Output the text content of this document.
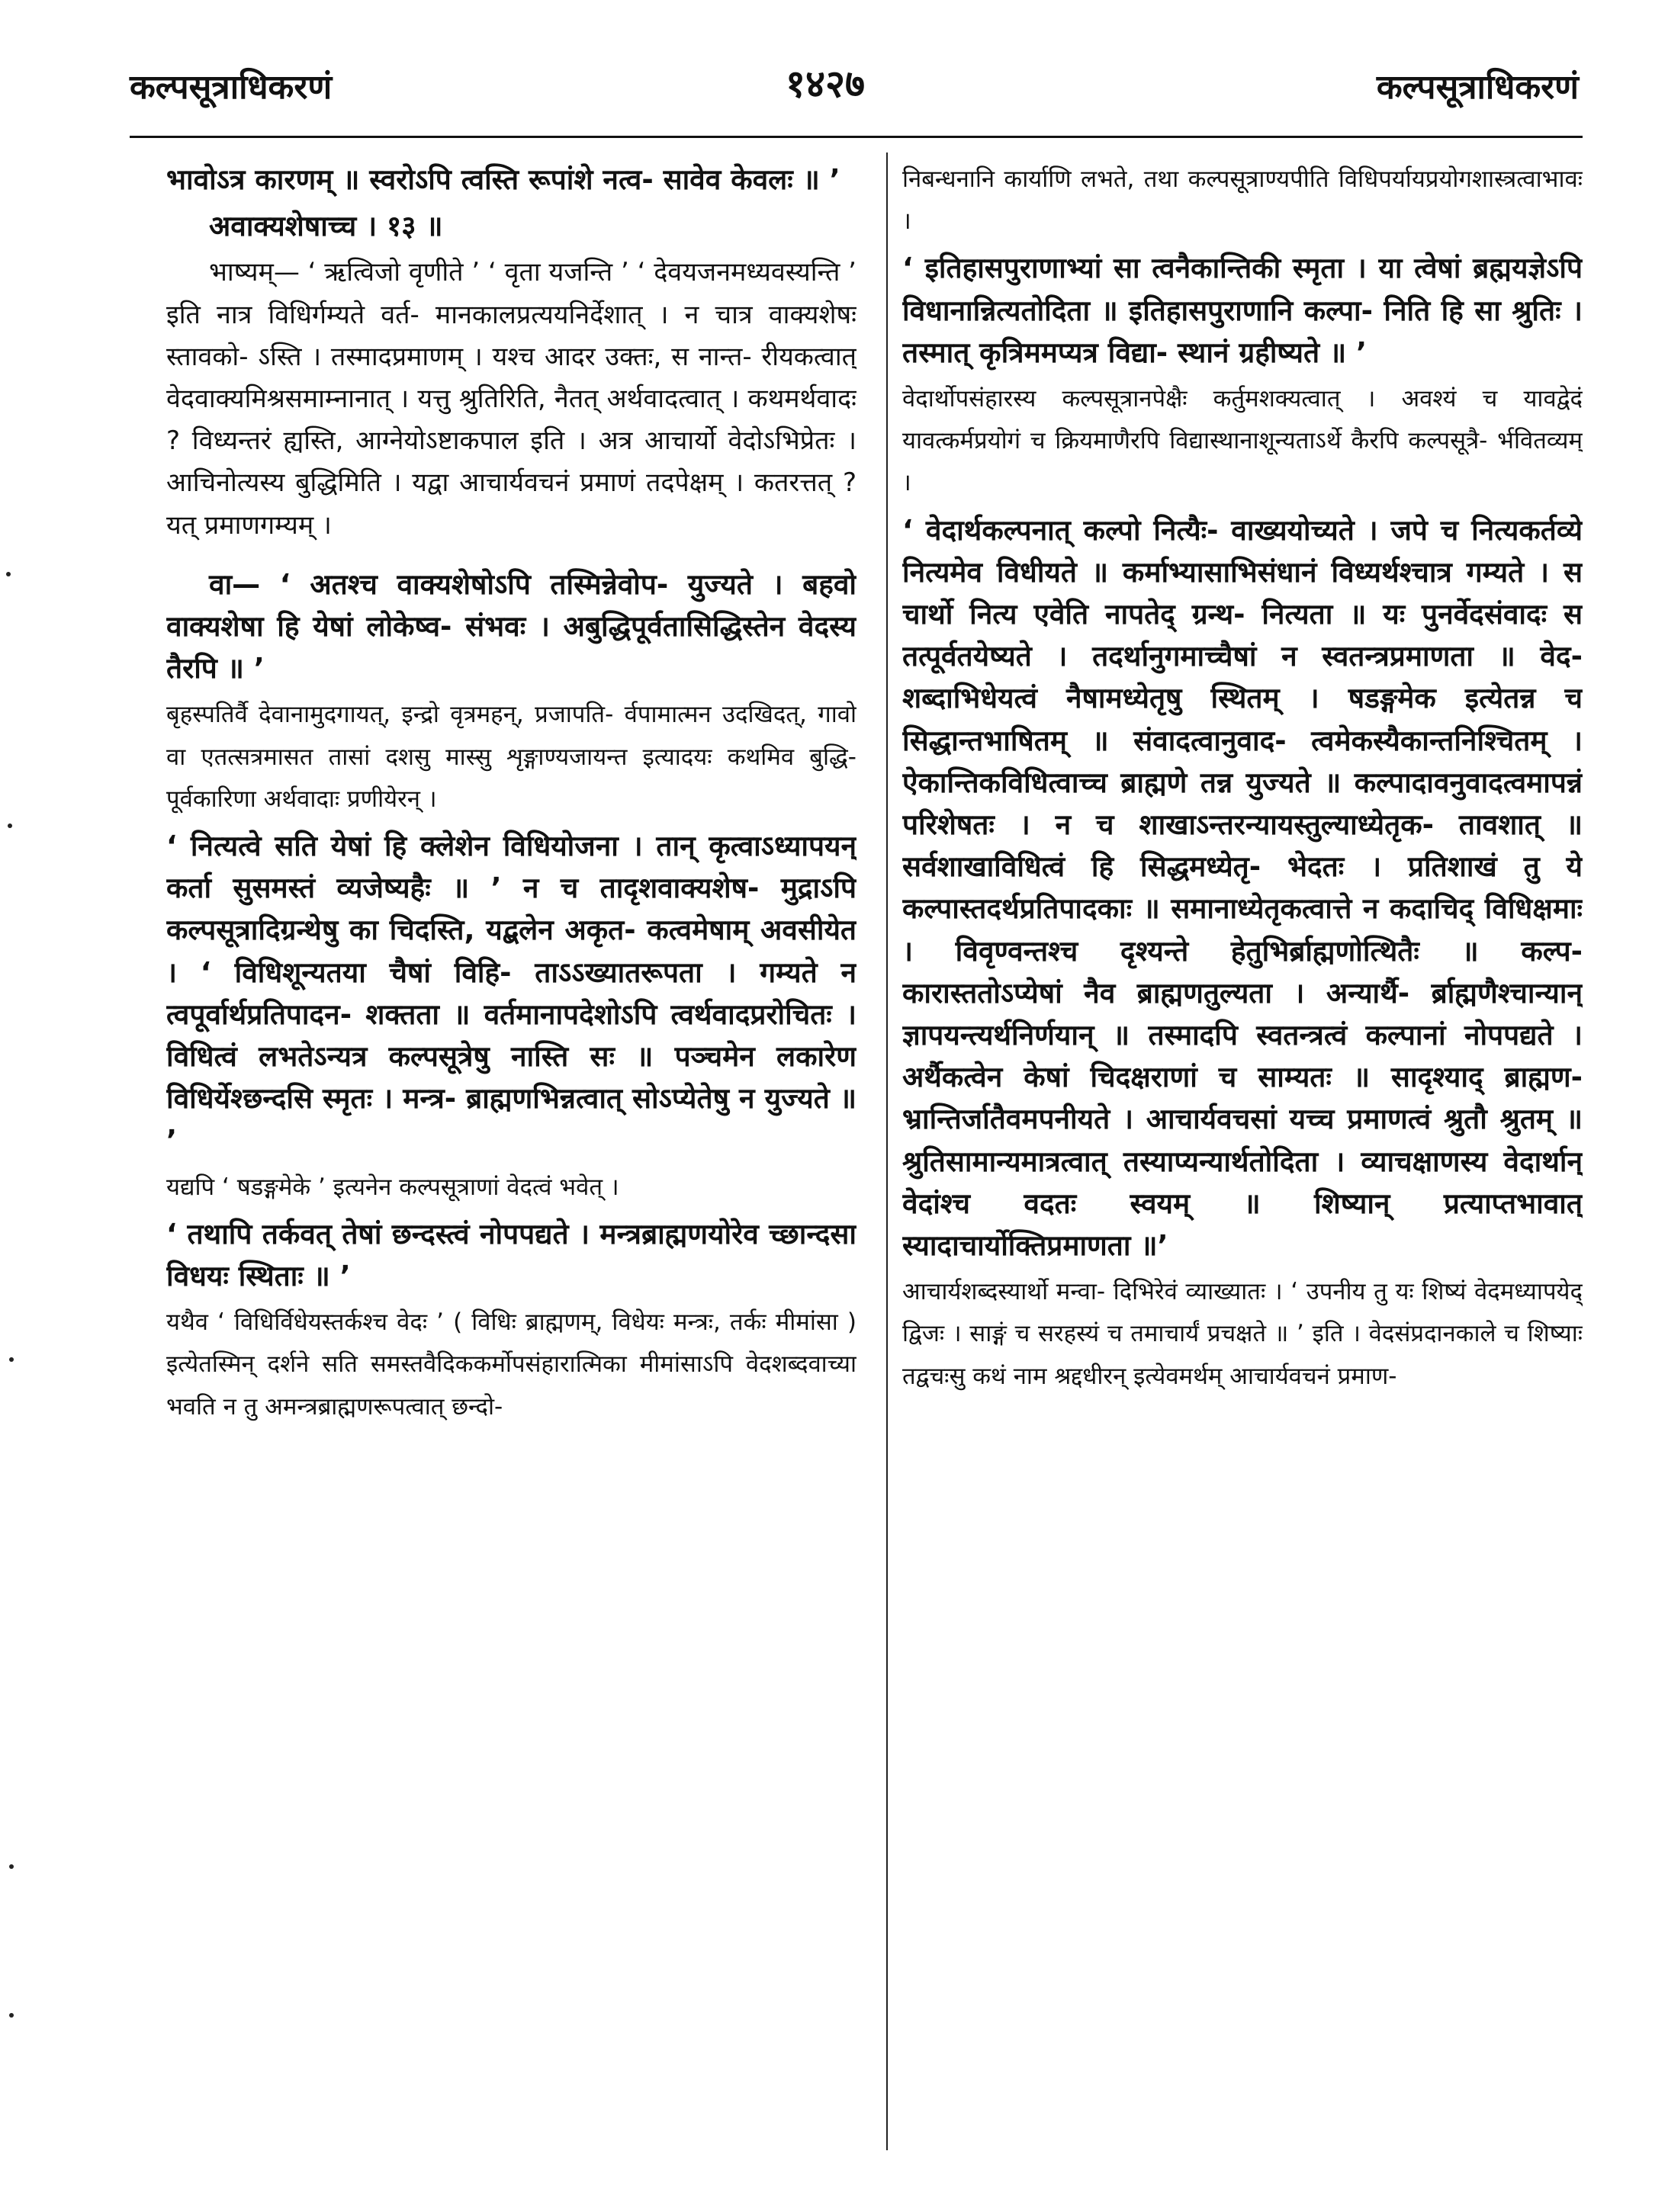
कल्पसूत्राधिकरणं	१४२७	कल्पसूत्राधिकरणं

भावोऽत्र कारणम् ॥ स्वरोऽपि त्वस्ति रूपांशे नत्व- सावेव केवलः ॥ ’

अवाक्यशेषाच्च । १३ ॥

भाष्यम्— ‘ ऋत्विजो वृणीते ’ ‘ वृता यजन्ति ’ ‘ देवयजनमध्यवस्यन्ति ’ इति नात्र विधिर्गम्यते वर्त- मानकालप्रत्ययनिर्देशात् । न चात्र वाक्यशेषः स्तावको- ऽस्ति । तस्मादप्रमाणम् । यश्च आदर उक्तः, स नान्त- रीयकत्वात् वेदवाक्यमिश्रसमाम्नानात् । यत्तु श्रुतिरिति, नैतत् अर्थवादत्वात् । कथमर्थवादः ? विध्यन्तरं ह्यस्ति, आग्नेयोऽष्टाकपाल इति । अत्र आचार्यो वेदोऽभिप्रेतः । आचिनोत्यस्य बुद्धिमिति । यद्वा आचार्यवचनं प्रमाणं तदपेक्षम् । कतरत्तत् ? यत् प्रमाणगम्यम् ।

वा— ‘ अतश्च वाक्यशेषोऽपि तस्मिन्नेवोप- युज्यते । बहवो वाक्यशेषा हि येषां लोकेष्व- संभवः । अबुद्धिपूर्वतासिद्धिस्तेन वेदस्य तैरपि ॥ ’

बृहस्पतिर्वै देवानामुदगायत्, इन्द्रो वृत्रमहन्, प्रजापति- र्वपामात्मन उदखिदत्, गावो वा एतत्सत्रमासत तासां दशसु मास्सु शृङ्गाण्यजायन्त इत्यादयः कथमिव बुद्धि- पूर्वकारिणा अर्थवादाः प्रणीयेरन् ।

‘ नित्यत्वे सति येषां हि क्लेशेन विधियोजना । तान् कृत्वाऽध्यापयन् कर्ता सुसमस्तं व्यजेष्यहैः ॥ ’ न च तादृशवाक्यशेष- मुद्राऽपि कल्पसूत्रादिग्रन्थेषु का चिदस्ति, यद्बलेन अकृत- कत्वमेषाम् अवसीयेत । ‘ विधिशून्यतया चैषां विहि- ताऽऽख्यातरूपता । गम्यते न त्वपूर्वार्थप्रतिपादन- शक्तता ॥ वर्तमानापदेशोऽपि त्वर्थवादप्ररोचितः । विधित्वं लभतेऽन्यत्र कल्पसूत्रेषु नास्ति सः ॥ पञ्चमेन लकारेण विधिर्येश्छन्दसि स्मृतः । मन्त्र- ब्राह्मणभिन्नत्वात् सोऽप्येतेषु न युज्यते ॥ ’

यद्यपि ‘ षडङ्गमेके ’ इत्यनेन कल्पसूत्राणां वेदत्वं भवेत् ।

‘ तथापि तर्कवत् तेषां छन्दस्त्वं नोपपद्यते । मन्त्रब्राह्मणयोरेव च्छान्दसा विधयः स्थिताः ॥ ’

यथैव ‘ विधिर्विधेयस्तर्कश्च वेदः ’ ( विधिः ब्राह्मणम्, विधेयः मन्त्रः, तर्कः मीमांसा ) इत्येतस्मिन् दर्शने सति समस्तवैदिककर्मोपसंहारात्मिका मीमांसाऽपि वेदशब्दवाच्या भवति न तु अमन्त्रब्राह्मणरूपत्वात् छन्दो-

निबन्धनानि कार्याणि लभते, तथा कल्पसूत्राण्यपीति विधिपर्यायप्रयोगशास्त्रत्वाभावः ।

‘ इतिहासपुराणाभ्यां सा त्वनैकान्तिकी स्मृता । या त्वेषां ब्रह्मयज्ञेऽपि विधानान्नित्यतोदिता ॥ इतिहासपुराणानि कल्पा- निति हि सा श्रुतिः । तस्मात् कृत्रिममप्यत्र विद्या- स्थानं ग्रहीष्यते ॥ ’

वेदार्थोपसंहारस्य कल्पसूत्रानपेक्षैः कर्तुमशक्यत्वात् । अवश्यं च यावद्वेदं यावत्कर्मप्रयोगं च क्रियमाणैरपि विद्यास्थानाशून्यताऽर्थे कैरपि कल्पसूत्रै- र्भवितव्यम् ।

‘ वेदार्थकल्पनात् कल्पो नित्यैः- वाख्ययोच्यते । जपे च नित्यकर्तव्ये नित्यमेव विधीयते ॥ कर्माभ्यासाभिसंधानं विध्यर्थश्चात्र गम्यते । स चार्थो नित्य एवेति नापतेद् ग्रन्थ- नित्यता ॥ यः पुनर्वेदसंवादः स तत्पूर्वतयेष्यते । तदर्थानुगमाच्चैषां न स्वतन्त्रप्रमाणता ॥ वेद- शब्दाभिधेयत्वं नैषामध्येतृषु स्थितम् । षडङ्गमेक इत्येतन्न च सिद्धान्तभाषितम् ॥ संवादत्वानुवाद- त्वमेकस्यैकान्तनिश्चितम् । ऐकान्तिकविधित्वाच्च ब्राह्मणे तन्न युज्यते ॥ कल्पादावनुवादत्वमापन्नं परिशेषतः । न च शाखाऽन्तरन्यायस्तुल्याध्येतृक- तावशात् ॥ सर्वशाखाविधित्वं हि सिद्धमध्येतृ- भेदतः । प्रतिशाखं तु ये कल्पास्तदर्थप्रतिपादकाः ॥ समानाध्येतृकत्वात्ते न कदाचिद् विधिक्षमाः । विवृण्वन्तश्च दृश्यन्ते हेतुभिर्ब्राह्मणोत्थितैः ॥ कल्प- कारास्ततोऽप्येषां नैव ब्राह्मणतुल्यता । अन्यार्थै- र्ब्राह्मणैश्चान्यान् ज्ञापयन्त्यर्थनिर्णयान् ॥ तस्मादपि स्वतन्त्रत्वं कल्पानां नोपपद्यते । अर्थैकत्वेन केषां चिदक्षराणां च साम्यतः ॥ सादृश्याद् ब्राह्मण- भ्रान्तिर्जातैवमपनीयते । आचार्यवचसां यच्च प्रमाणत्वं श्रुतौ श्रुतम् ॥ श्रुतिसामान्यमात्रत्वात् तस्याप्यन्यार्थतोदिता । व्याचक्षाणस्य वेदार्थान् वेदांश्च वदतः स्वयम् ॥ शिष्यान् प्रत्याप्तभावात् स्यादाचार्योक्तिप्रमाणता ॥’

आचार्यशब्दस्यार्थो मन्वा- दिभिरेवं व्याख्यातः । ‘ उपनीय तु यः शिष्यं वेदमध्यापयेद् द्विजः । साङ्गं च सरहस्यं च तमाचार्यं प्रचक्षते ॥ ’ इति । वेदसंप्रदानकाले च शिष्याः तद्वचःसु कथं नाम श्रद्दधीरन् इत्येवमर्थम् आचार्यवचनं प्रमाण-
